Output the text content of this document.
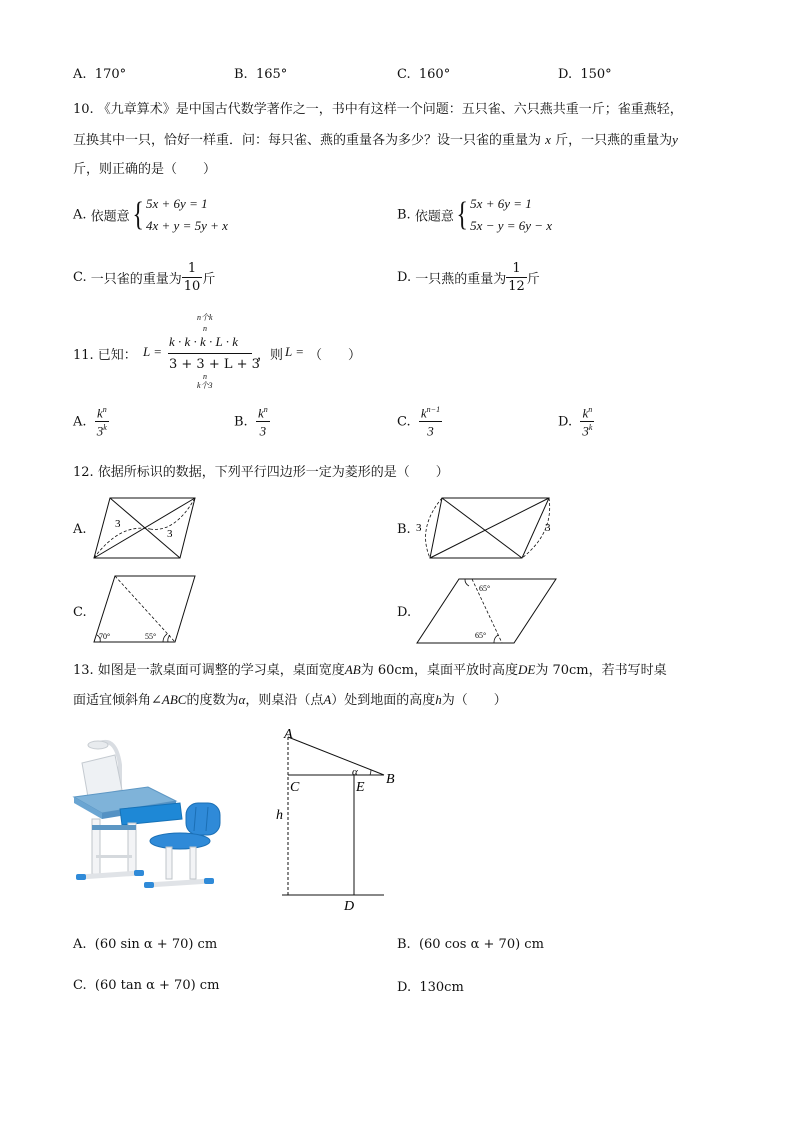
A. 170°	B. 165°	C. 160°	D. 150°
10. 《九章算术》是中国古代数学著作之一，书中有这样一个问题：五只雀、六只燕共重一斤；雀重燕轻，
互换其中一只，恰好一样重．问：每只雀、燕的重量各为多少？设一只雀的重量为 x 斤，一只燕的重量为y
斤，则正确的是（　　）
A. 依题意{ 5x + 6y = 1
4x + y = 5y + x
B. 依题意{ 5x + 6y = 1
5x − y = 6y − x
C. 一只雀的重量为 $\frac{1}{10}$ 斤	D. 一只燕的重量为 $\frac{1}{12}$ 斤
11. 已知： L =
n个k
n
k · k · k · L · k
3 + 3 + L + 3
n
k个3
，则 L = （　　）
A. $\frac{k^n}{3^k}$	B. $\frac{k^n}{3}$	C. $\frac{k^{n-1}}{3}$	D. $\frac{k^n}{3^k}$
12. 依据所标识的数据，下列平行四边形一定为菱形的是（　　）
A.	3
3	B. 3	3
C.
70°	55°
D.
65°
65°
13. 如图是一款桌面可调整的学习桌，桌面宽度AB为 60cm，桌面平放时高度DE为 70cm，若书写时桌
面适宜倾斜角∠ABC的度数为α，则桌沿（点A）处到地面的高度h为（　　）
A
B
C	E
D
h
α
A. (60 sin α + 70) cm	B. (60 cos α + 70) cm
C. (60 tan α + 70) cm	D. 130cm
